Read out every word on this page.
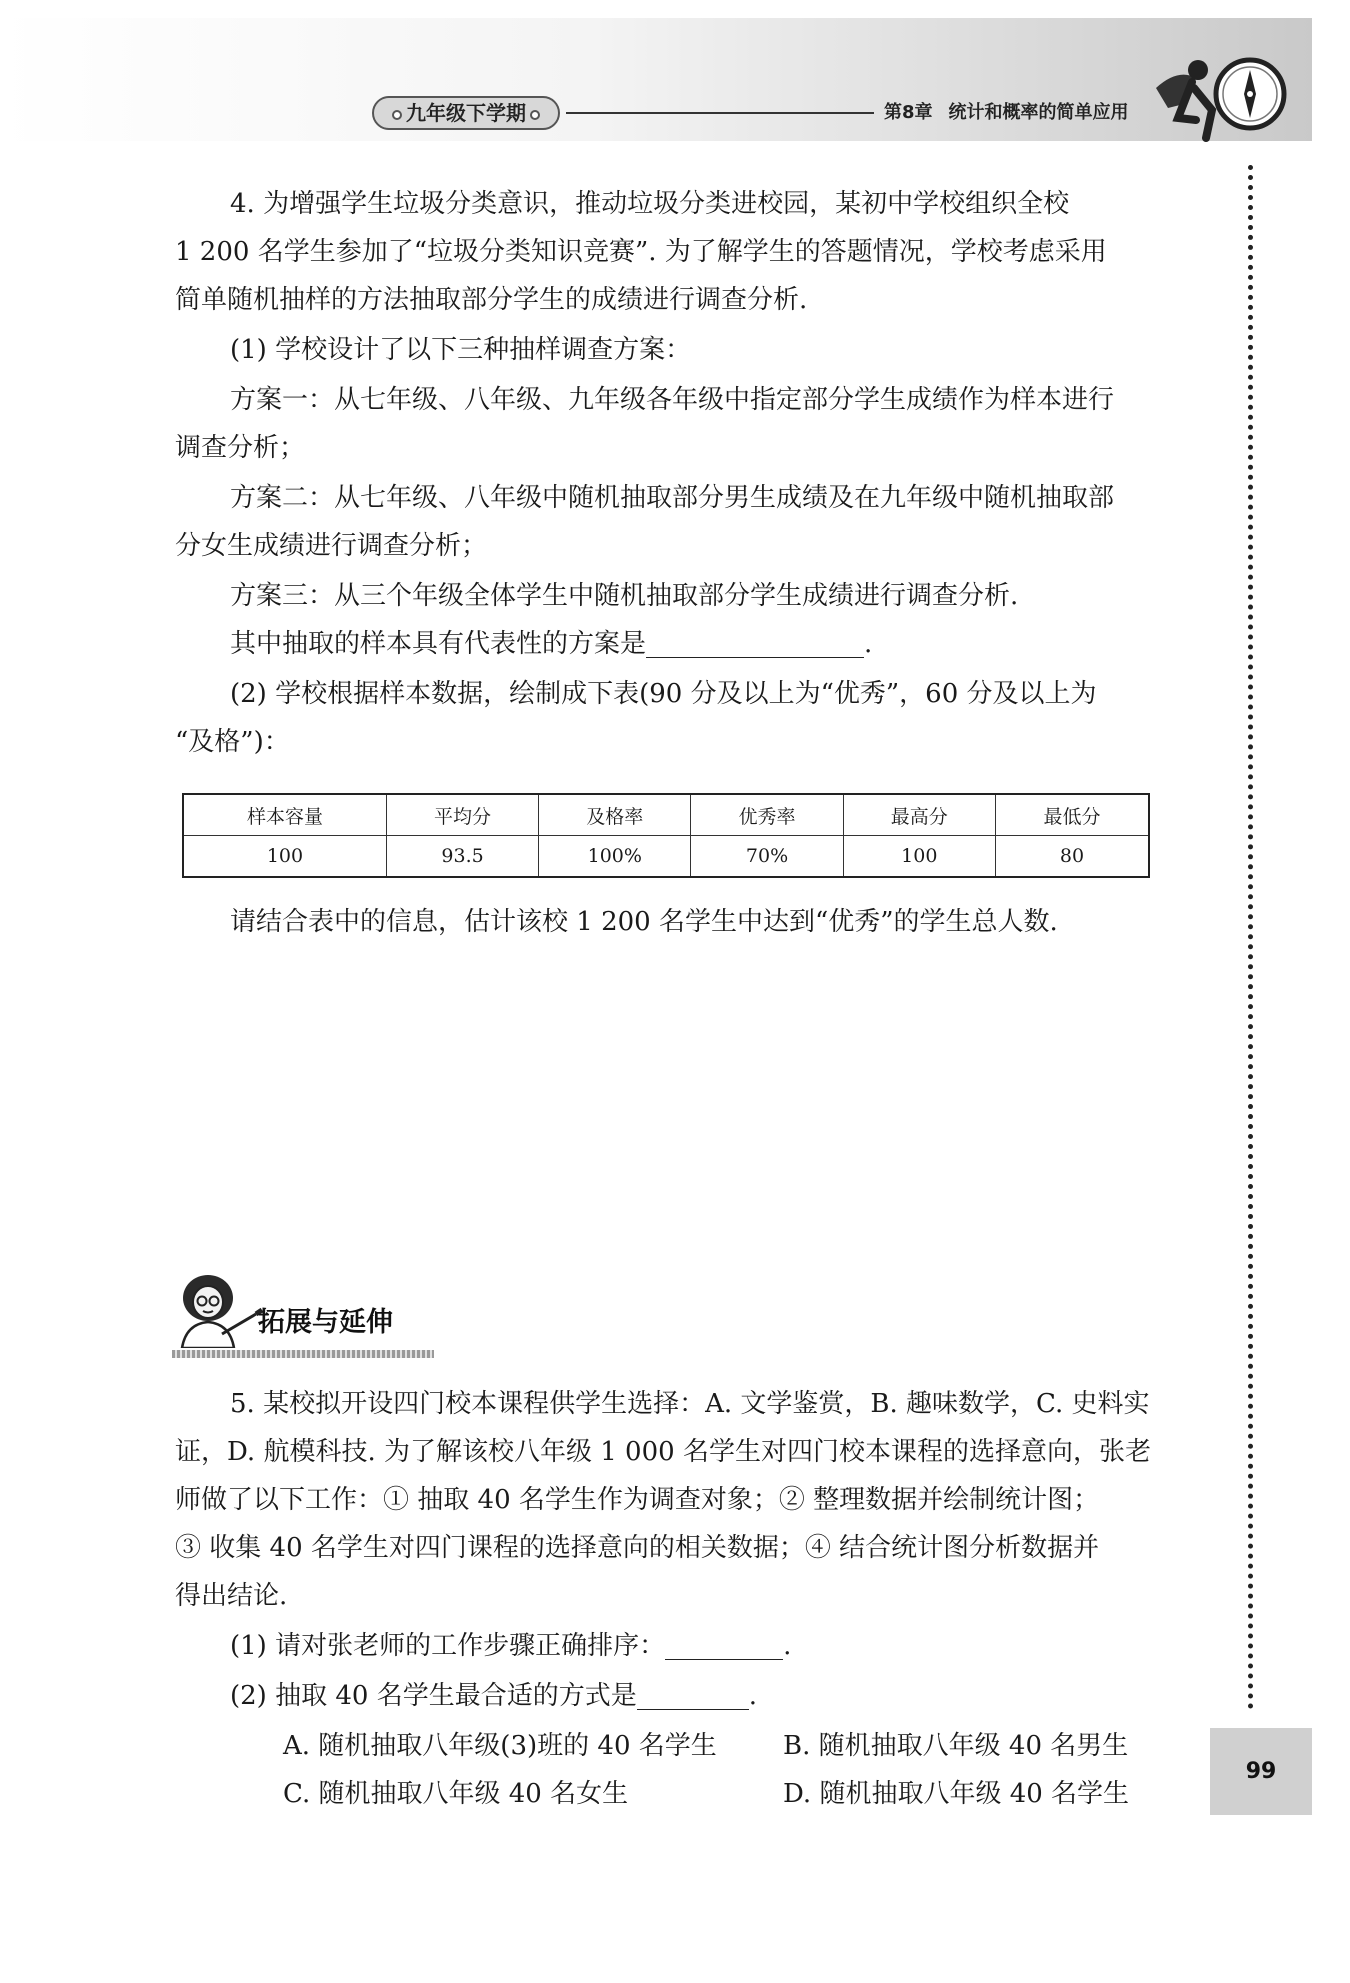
九年级下学期	第8章 统计和概率的简单应用
99

4. 为增强学生垃圾分类意识，推动垃圾分类进校园，某初中学校组织全校

1 200 名学生参加了“垃圾分类知识竞赛”. 为了解学生的答题情况，学校考虑采用

简单随机抽样的方法抽取部分学生的成绩进行调查分析.

(1) 学校设计了以下三种抽样调查方案：

方案一：从七年级、八年级、九年级各年级中指定部分学生成绩作为样本进行

调查分析；

方案二：从七年级、八年级中随机抽取部分男生成绩及在九年级中随机抽取部

分女生成绩进行调查分析；

方案三：从三个年级全体学生中随机抽取部分学生成绩进行调查分析.

其中抽取的样本具有代表性的方案是	.

(2) 学校根据样本数据，绘制成下表(90 分及以上为“优秀”，60 分及以上为

“及格”)：

样本容量	平均分	及格率	优秀率	最高分	最低分
100	93.5	100%	70%	100	80

请结合表中的信息，估计该校 1 200 名学生中达到“优秀”的学生总人数.

拓展与延伸

5. 某校拟开设四门校本课程供学生选择：A. 文学鉴赏，B. 趣味数学，C. 史料实

证，D. 航模科技. 为了解该校八年级 1 000 名学生对四门校本课程的选择意向，张老

师做了以下工作：① 抽取 40 名学生作为调查对象；② 整理数据并绘制统计图；

③ 收集 40 名学生对四门课程的选择意向的相关数据；④ 结合统计图分析数据并

得出结论.

(1) 请对张老师的工作步骤正确排序：	.

(2) 抽取 40 名学生最合适的方式是	.

A. 随机抽取八年级(3)班的 40 名学生	B. 随机抽取八年级 40 名男生

C. 随机抽取八年级 40 名女生	D. 随机抽取八年级 40 名学生
